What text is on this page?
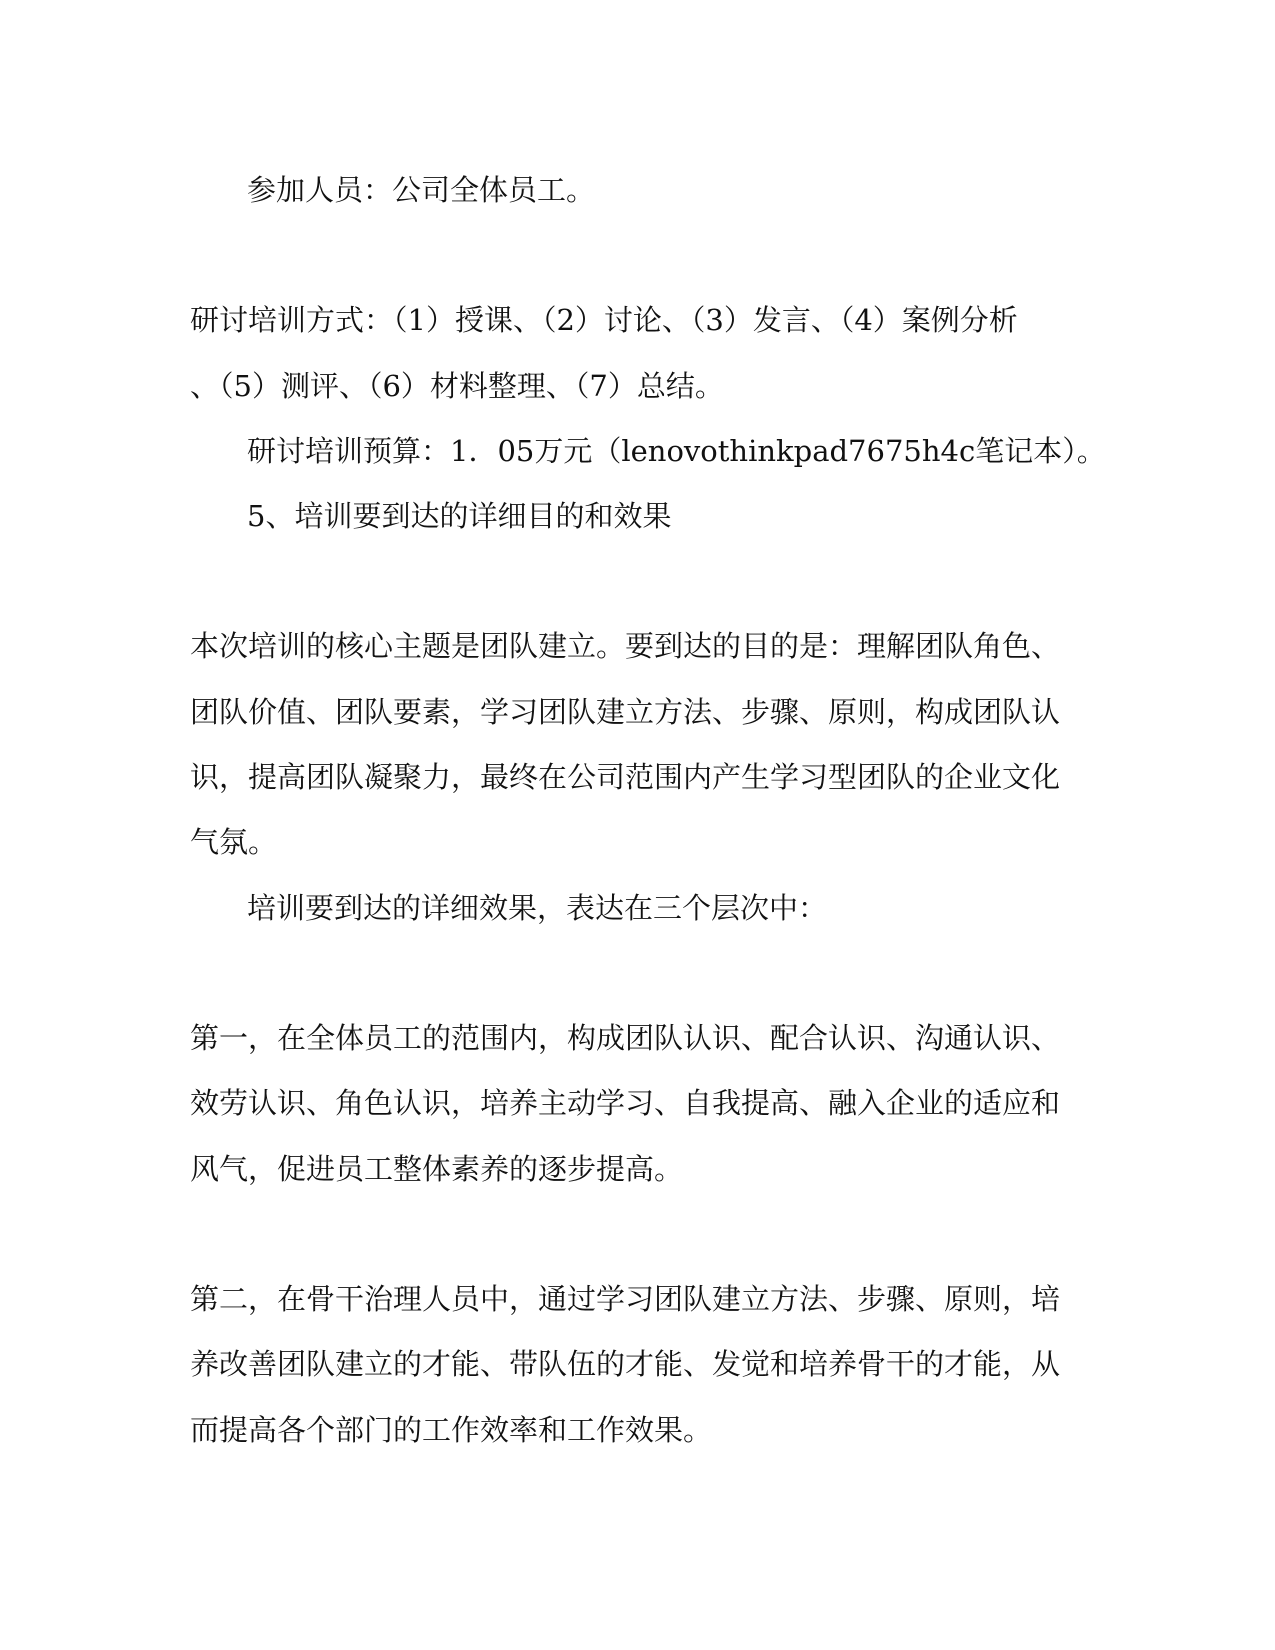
参加人员：公司全体员工。
研讨培训方式：（1）授课、（2）讨论、（3）发言、（4）案例分析
、（5）测评、（6）材料整理、（7）总结。
研讨培训预算：1．05万元（lenovothinkpad7675h4c笔记本）。
5、培训要到达的详细目的和效果
本次培训的核心主题是团队建立。要到达的目的是：理解团队角色、
团队价值、团队要素，学习团队建立方法、步骤、原则，构成团队认
识，提高团队凝聚力，最终在公司范围内产生学习型团队的企业文化
气氛。
培训要到达的详细效果，表达在三个层次中：
第一，在全体员工的范围内，构成团队认识、配合认识、沟通认识、
效劳认识、角色认识，培养主动学习、自我提高、融入企业的适应和
风气，促进员工整体素养的逐步提高。
第二，在骨干治理人员中，通过学习团队建立方法、步骤、原则，培
养改善团队建立的才能、带队伍的才能、发觉和培养骨干的才能，从
而提高各个部门的工作效率和工作效果。
